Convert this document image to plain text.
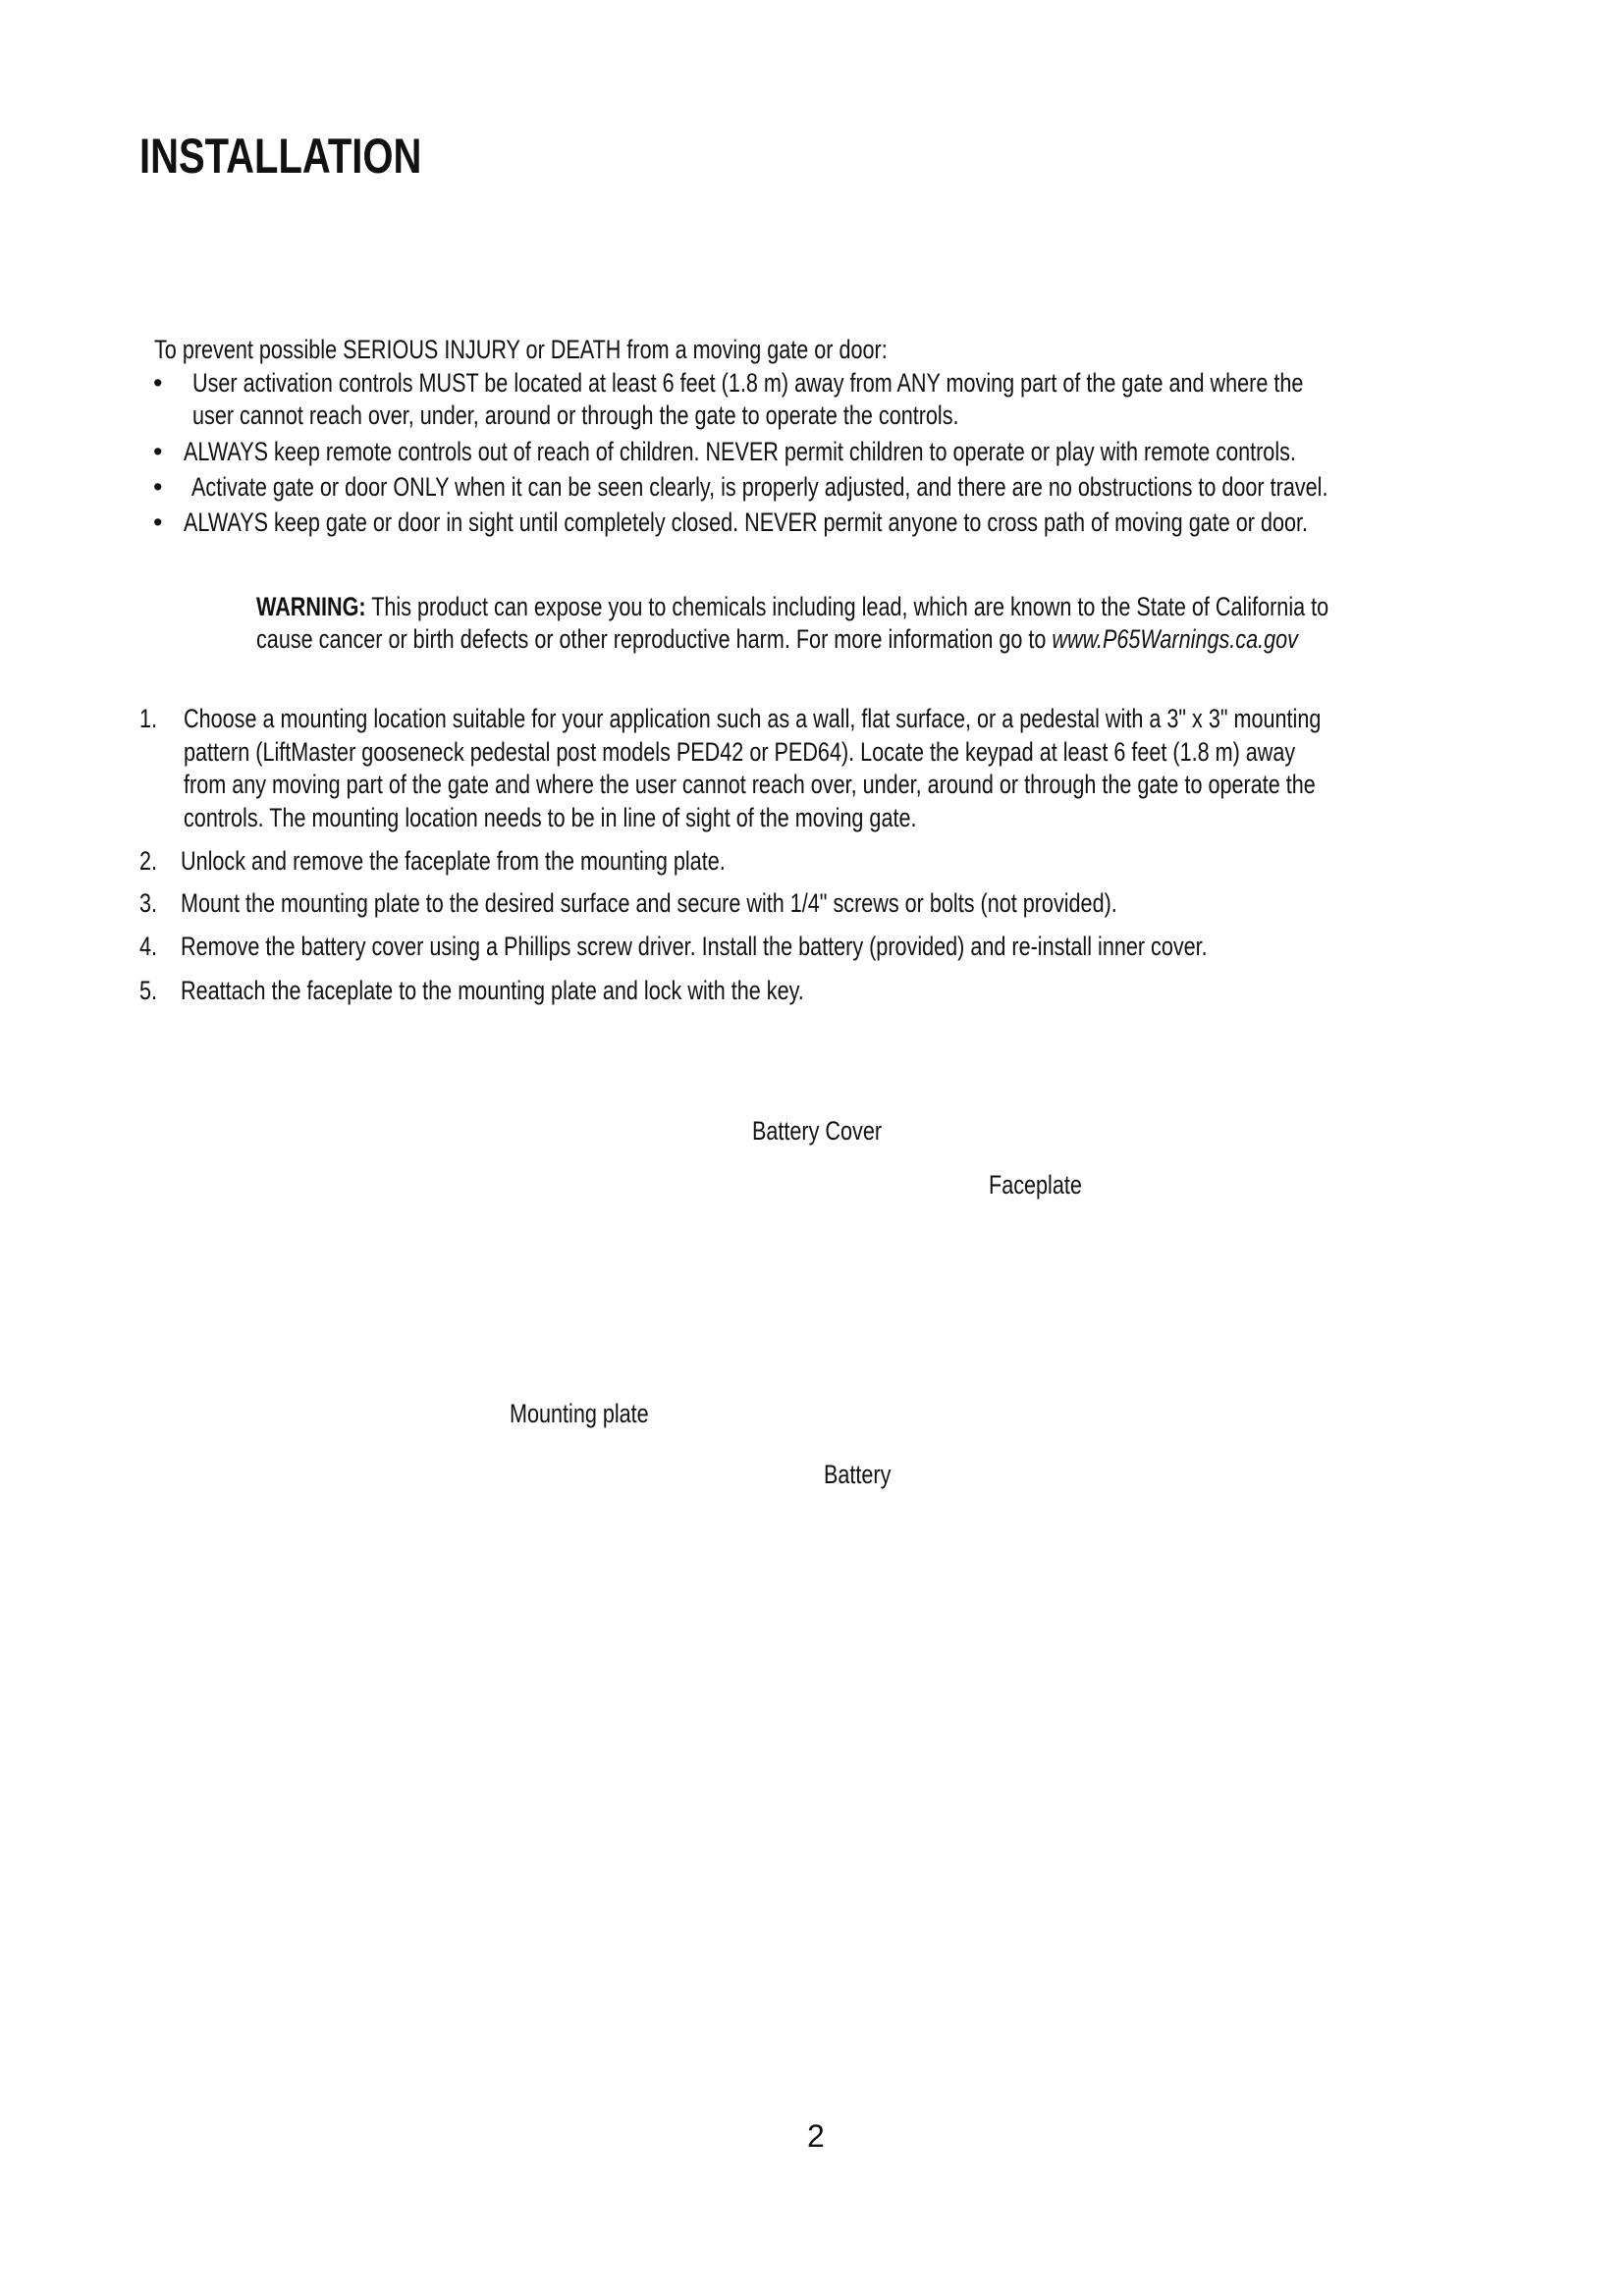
INSTALLATION
To prevent possible SERIOUS INJURY or DEATH from a moving gate or door:
• User activation controls MUST be located at least 6 feet (1.8 m) away from ANY moving part of the gate and where the
user cannot reach over, under, around or through the gate to operate the controls.
• ALWAYS keep remote controls out of reach of children. NEVER permit children to operate or play with remote controls.
• Activate gate or door ONLY when it can be seen clearly, is properly adjusted, and there are no obstructions to door travel.
• ALWAYS keep gate or door in sight until completely closed. NEVER permit anyone to cross path of moving gate or door.
WARNING: This product can expose you to chemicals including lead, which are known to the State of California to
cause cancer or birth defects or other reproductive harm. For more information go to www.P65Warnings.ca.gov
1. Choose a mounting location suitable for your application such as a wall, flat surface, or a pedestal with a 3" x 3" mounting
pattern (LiftMaster gooseneck pedestal post models PED42 or PED64). Locate the keypad at least 6 feet (1.8 m) away
from any moving part of the gate and where the user cannot reach over, under, around or through the gate to operate the
controls. The mounting location needs to be in line of sight of the moving gate.
2. Unlock and remove the faceplate from the mounting plate.
3. Mount the mounting plate to the desired surface and secure with 1/4" screws or bolts (not provided).
4. Remove the battery cover using a Phillips screw driver. Install the battery (provided) and re-install inner cover.
5. Reattach the faceplate to the mounting plate and lock with the key.
Battery Cover
Faceplate
Mounting plate
Battery
2
